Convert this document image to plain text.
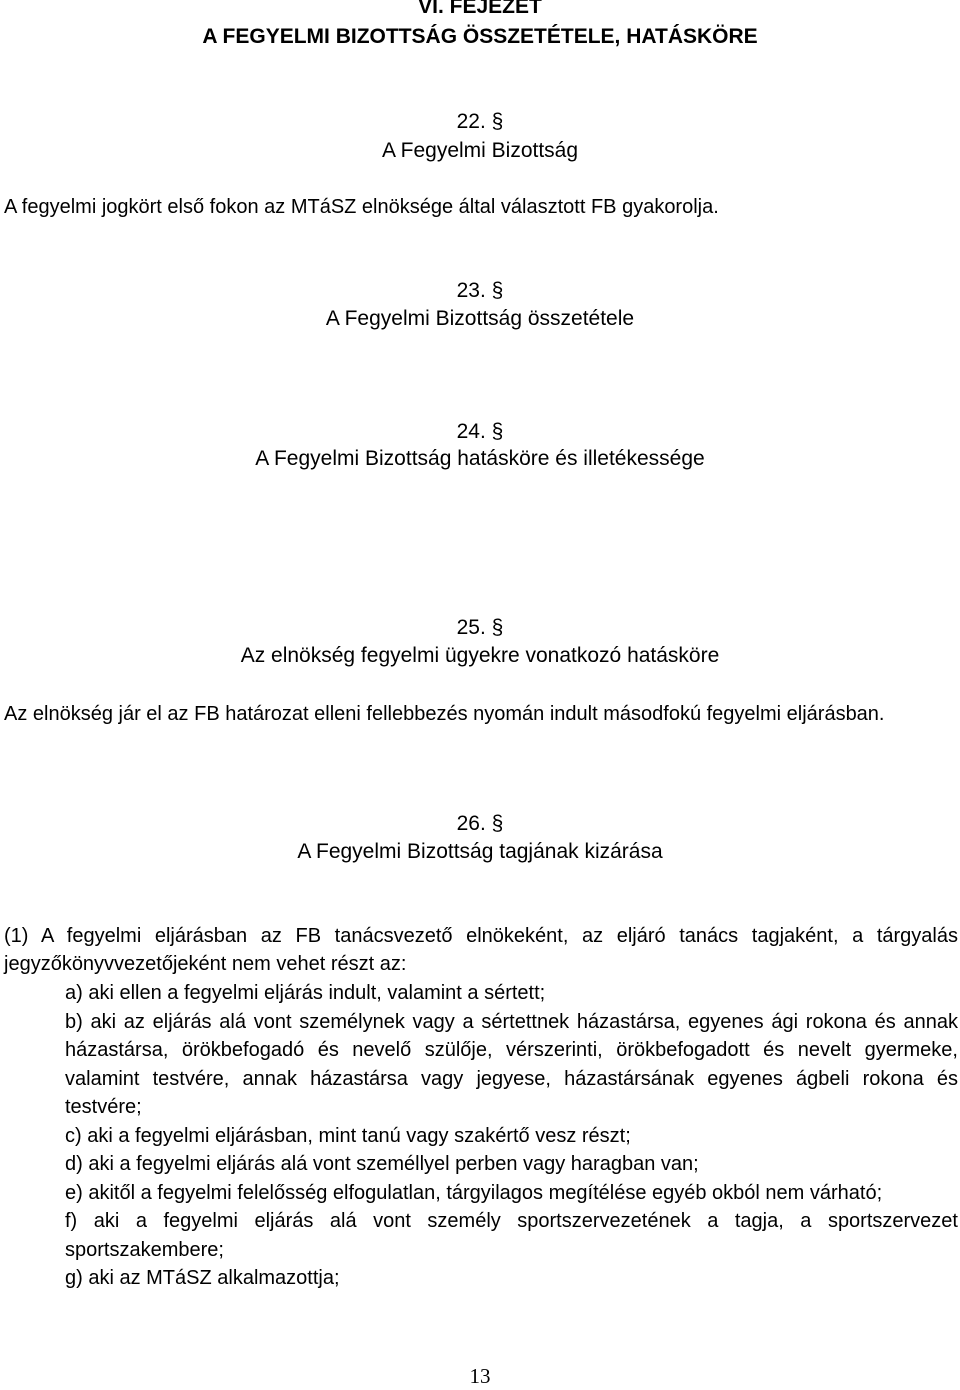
VI. FEJEZET
A FEGYELMI BIZOTTSÁG ÖSSZETÉTELE, HATÁSKÖRE
22. §
A Fegyelmi Bizottság

A fegyelmi jogkört első fokon az MTáSZ elnöksége által választott FB gyakorolja.

23. §
A Fegyelmi Bizottság összetétele
24. §
A Fegyelmi Bizottság hatásköre és illetékessége
25. §
Az elnökség fegyelmi ügyekre vonatkozó hatásköre

Az elnökség jár el az FB határozat elleni fellebbezés nyomán indult másodfokú fegyelmi eljárásban.

26. §
A Fegyelmi Bizottság tagjának kizárása

(1) A fegyelmi eljárásban az FB tanácsvezető elnökeként, az eljáró tanács tagjaként, a tárgyalás jegyzőkönyvvezetőjeként nem vehet részt az:

a) aki ellen a fegyelmi eljárás indult, valamint a sértett;
b) aki az eljárás alá vont személynek vagy a sértettnek házastársa, egyenes ági rokona és annak házastársa, örökbefogadó és nevelő szülője, vérszerinti, örökbefogadott és nevelt gyermeke, valamint testvére, annak házastársa vagy jegyese, házastársának egyenes ágbeli rokona és testvére;
c) aki a fegyelmi eljárásban, mint tanú vagy szakértő vesz részt;
d) aki a fegyelmi eljárás alá vont személlyel perben vagy haragban van;
e) akitől a fegyelmi felelősség elfogulatlan, tárgyilagos megítélése egyéb okból nem várható;
f) aki a fegyelmi eljárás alá vont személy sportszervezetének a tagja, a sportszervezet sportszakembere;
g) aki az MTáSZ alkalmazottja;
13
